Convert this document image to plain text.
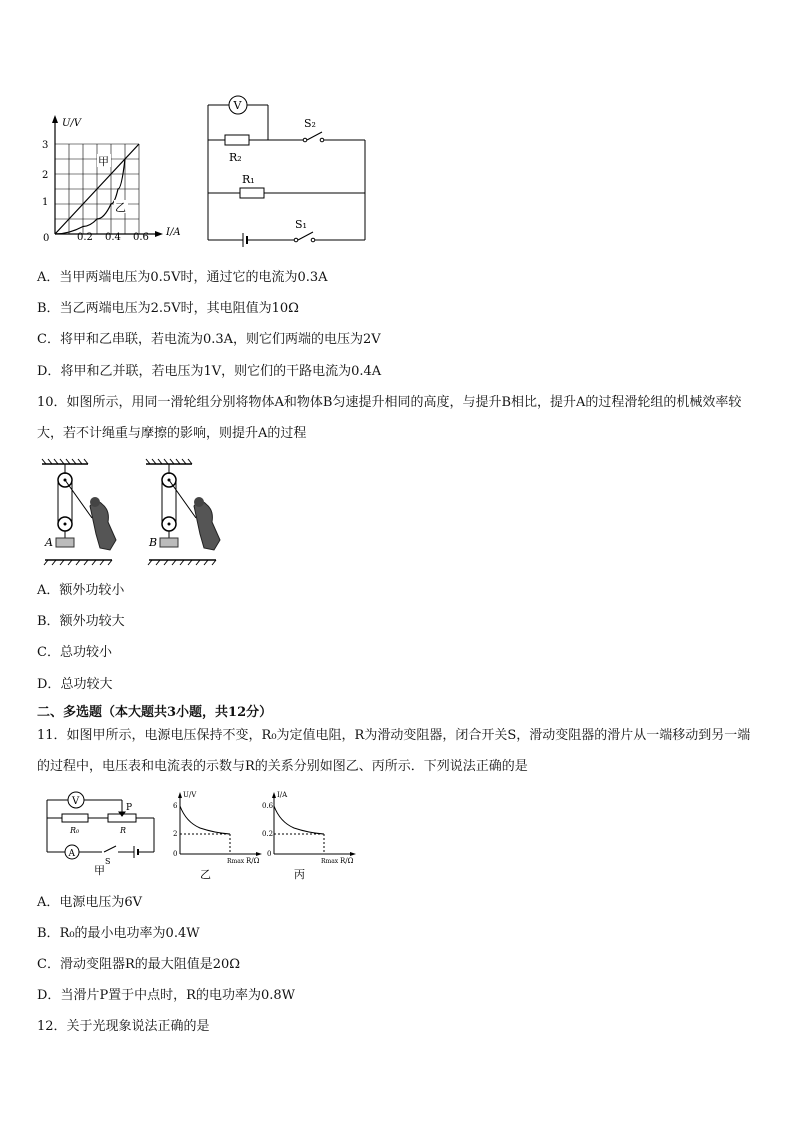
U/V
I/A
1
2
3
0	0.2 0.4 0.6
甲
乙
V
R₂
S₂
R₁
S₁
A．当甲两端电压为0.5V时，通过它的电流为0.3A
B．当乙两端电压为2.5V时，其电阻值为10Ω
C．将甲和乙串联，若电流为0.3A，则它们两端的电压为2V
D．将甲和乙并联，若电压为1V，则它们的干路电流为0.4A
10．如图所示，用同一滑轮组分别将物体A和物体B匀速提升相同的高度，与提升B相比，提升A的过程滑轮组的机械效率较大，若不计绳重与摩擦的影响，则提升A的过程
A	B
A．额外功较小
B．额外功较大
C．总功较小
D．总功较大
二、多选题（本大题共3小题，共12分）
11．如图甲所示，电源电压保持不变，R₀为定值电阻，R为滑动变阻器，闭合开关S，滑动变阻器的滑片从一端移动到另一端的过程中，电压表和电流表的示数与R的关系分别如图乙、丙所示．下列说法正确的是
V
A
P
R₀	R
S
甲
U/V
6
2
0
Rmax R/Ω
乙
I/A
0.6
0.2
0
Rmax R/Ω
丙
A．电源电压为6V
B．R₀的最小电功率为0.4W
C．滑动变阻器R的最大阻值是20Ω
D．当滑片P置于中点时，R的电功率为0.8W
12．关于光现象说法正确的是
